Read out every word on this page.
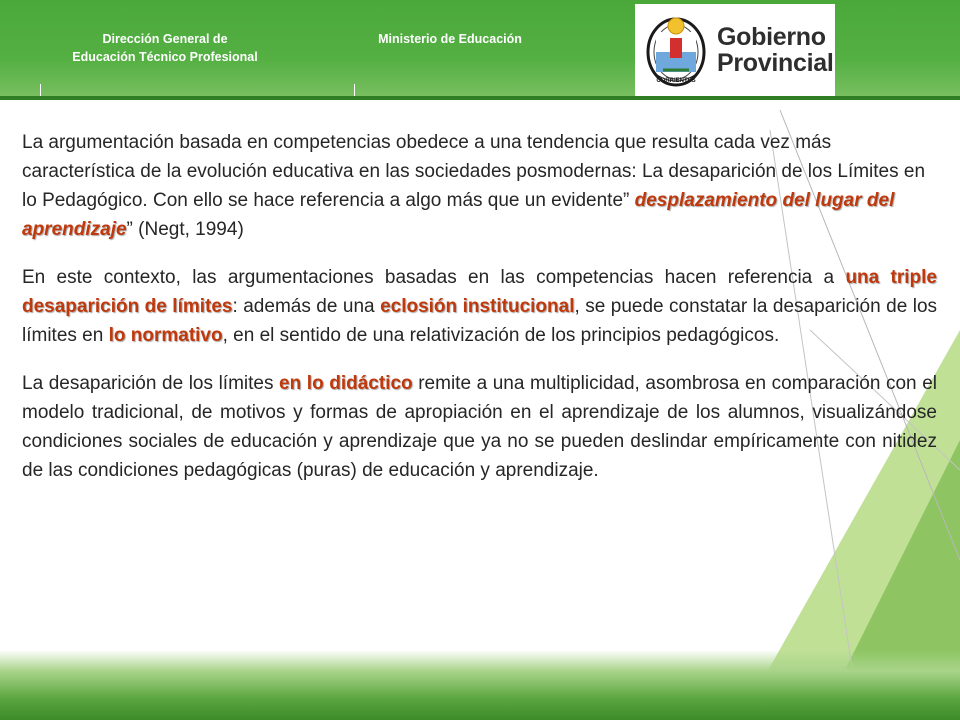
Dirección General de
Educación Técnico Profesional
Ministerio de Educación
CORRIENTES
Gobierno
Provincial

La argumentación basada en competencias obedece a una tendencia que resulta cada vez más característica de la evolución educativa en las sociedades posmodernas: La desaparición de los Límites en lo Pedagógico. Con ello se hace referencia a algo más que un evidente” desplazamiento del lugar del aprendizaje” (Negt, 1994)

En este contexto, las argumentaciones basadas en las competencias hacen referencia a una triple desaparición de límites: además de una eclosión institucional, se puede constatar la desaparición de los límites en lo normativo, en el sentido de una relativización de los principios pedagógicos.

La desaparición de los límites en lo didáctico remite a una multiplicidad, asombrosa en comparación con el modelo tradicional, de motivos y formas de apropiación en el aprendizaje de los alumnos, visualizándose condiciones sociales de educación y aprendizaje que ya no se pueden deslindar empíricamente con nitidez de las condiciones pedagógicas (puras) de educación y aprendizaje.
